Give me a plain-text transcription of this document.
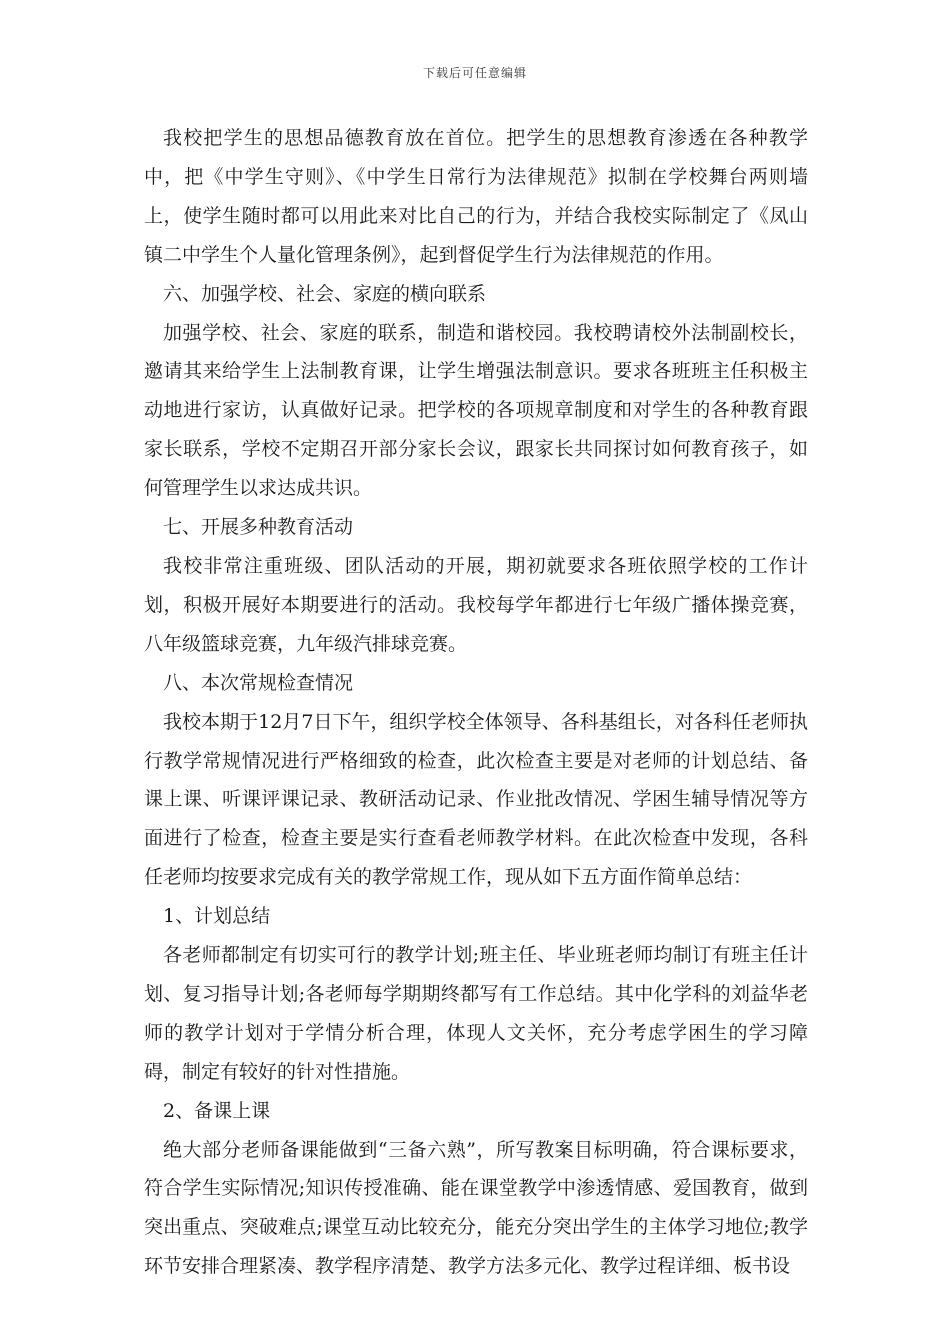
下载后可任意编辑

我校把学生的思想品德教育放在首位。把学生的思想教育渗透在各种教学中，把《中学生守则》、《中学生日常行为法律规范》拟制在学校舞台两则墙上，使学生随时都可以用此来对比自己的行为，并结合我校实际制定了《凤山镇二中学生个人量化管理条例》，起到督促学生行为法律规范的作用。

六、加强学校、社会、家庭的横向联系

加强学校、社会、家庭的联系，制造和谐校园。我校聘请校外法制副校长，邀请其来给学生上法制教育课，让学生增强法制意识。要求各班班主任积极主动地进行家访，认真做好记录。把学校的各项规章制度和对学生的各种教育跟家长联系，学校不定期召开部分家长会议，跟家长共同探讨如何教育孩子，如何管理学生以求达成共识。

七、开展多种教育活动

我校非常注重班级、团队活动的开展，期初就要求各班依照学校的工作计划，积极开展好本期要进行的活动。我校每学年都进行七年级广播体操竞赛，八年级篮球竞赛，九年级汽排球竞赛。

八、本次常规检查情况

我校本期于12月7日下午，组织学校全体领导、各科基组长，对各科任老师执行教学常规情况进行严格细致的检查，此次检查主要是对老师的计划总结、备课上课、听课评课记录、教研活动记录、作业批改情况、学困生辅导情况等方面进行了检查，检查主要是实行查看老师教学材料。在此次检查中发现，各科任老师均按要求完成有关的教学常规工作，现从如下五方面作简单总结：

1、计划总结

各老师都制定有切实可行的教学计划;班主任、毕业班老师均制订有班主任计划、复习指导计划;各老师每学期期终都写有工作总结。其中化学科的刘益华老师的教学计划对于学情分析合理，体现人文关怀，充分考虑学困生的学习障碍，制定有较好的针对性措施。

2、备课上课

绝大部分老师备课能做到“三备六熟”，所写教案目标明确，符合课标要求，符合学生实际情况;知识传授准确、能在课堂教学中渗透情感、爱国教育，做到突出重点、突破难点;课堂互动比较充分，能充分突出学生的主体学习地位;教学环节安排合理紧凑、教学程序清楚、教学方法多元化、教学过程详细、板书设
